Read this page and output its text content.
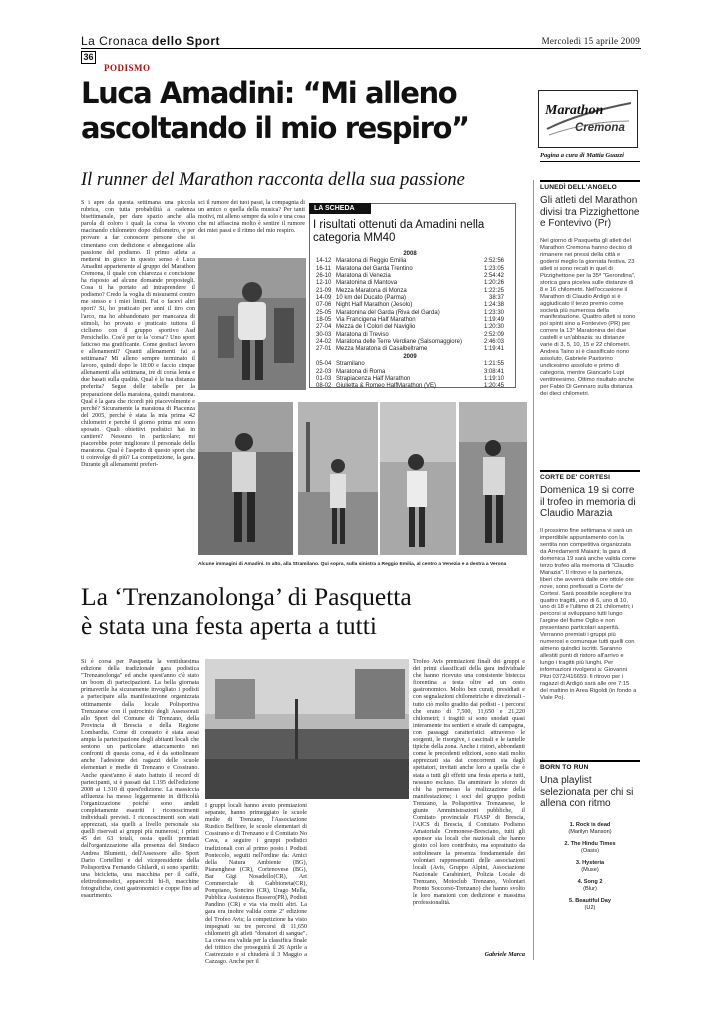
La Cronaca dello Sport	Mercoledì 15 aprile 2009
36
PODISMO
Luca Amadini: “Mi alleno ascoltando il mio respiro”
Il runner del Marathon racconta della sua passione
Marathon
Cremona
Pagina a cura di Mattia Guazzi
S i apre da questa settimana una piccola rubrica, con tutta probabilità a cadenza bisettimanale, per dare spazio anche alla parola di coloro i quali la corsa la vivono macinando chilometro dopo chilometro, e per provare a far conoscere persone che si cimentano con dedizione e abnegazione alla passione del podismo. Il primo atleta a mettersi in gioco in questo senso è Luca Amadini appartenente al gruppo del Marathon Cremona, il quale con chiarezza e concisione ha risposto ad alcune domande propostegli. Cosa ti ha portato ad intraprendere il podismo? Credo la voglia di misurarmi contro me stesso e i miei limiti. Fai o facevi altri sport? Si, ho praticato per anni il tiro con l'arco, ma ho abbandonato per mancanza di stimoli, ho provato e praticato tuttora il ciclismo con il gruppo sportivo Asd Persichello. Cos'è per te la 'corsa'? Uno sport faticoso ma gratificante. Come gestisci lavoro e allenamenti? Quanti allenamenti fai a settimana? Mi alleno sempre terminato il lavoro, quindi dopo le 18:00 e faccio cinque allenamenti alla settimana, tre di corsa lenta e due basati sulla qualità. Qual è la tua distanza preferita? Segue delle tabelle per la preparazione della maratona, quindi maratona. Qual è la gara che ricordi più piacevolmente e perché? Sicuramente la maratona di Piacenza del 2005, perché è stata la mia prima 42 chilometri e perché il giorno prima mi sono sposato. Quali obiettivi podistici hai in cantiere? Nessuno in particolare; mi piacerebbe poter migliorare il personale della maratona. Qual è l'aspetto di questo sport che ti coinvolge di più? La competizione, la gara. Durante gli allenamenti preferi-
sci il rumore dei tuoi passi, la compagnia di un amico o quella della musica? Per tanti motivi, mi alleno sempre da solo e una cosa che mi affascina molto è sentire il rumore dei miei passi e il ritmo del mio respiro.
LA SCHEDA
I risultati ottenuti da Amadini nella categoria MM40
2008
14-12 Maratona di Reggio Emilia	2:52:56
16-11 Maratona del Garda Trentino	1:23:05
26-10 Maratona di Venezia	2:54:42
12-10 Maratonina di Mantova	1:20:26
21-09 Mezza Maratona di Monza	1:22:25
14-09 10 km del Ducato (Parma)	38:37
07-06 Night Half Marathon (Jesolo)	1:24:38
25-05 Maratonina del Garda (Riva del Garda)	1:23:30
18-05 Via Francigena Half Marathon	1:19:49
27-04 Mezza de I Colori del Naviglio	1:20:30
30-03 Maratona di Treviso	2:52:09
24-02 Maratona delle Terre Verdiane (Salsomaggiore)	2:46:03
27-01 Mezza Maratona di Casalbeltrame	1:19:41
2009
05-04 Stramilano	1:21:55
22-03 Maratona di Roma	3:08:41
01-03 Strapiacenza Half Marathon	1:19:10
08-02 Giulietta & Romeo HalfMarathon (VE)	1:20:45
Alcune immagini di Amadini. In alto, alla Stramilano. Qui sopra, sulla sinistra a Reggio Emilia, al centro a Venezia e a destra a Verona
La ‘Trenzanolonga’ di Pasquetta
è stata una festa aperta a tutti
Si è corsa per Pasquetta la ventiduesima edizione della tradizionale gara podistica "Trenzanolonga" ed anche quest'anno c'è stato un boom di partecipazioni. La bella giornata primaverile ha sicuramente invogliato i podisti a partecipare alla manifestazione organizzata ottimamente dalla locale Polisportiva Trenzanese con il patrocinio degli Assessorati allo Sport del Comune di Trenzano, della Provincia di Brescia e della Regione Lombardia. Come di consueto è stata assai ampia la partecipazione degli abitanti locali che sentono un particolare attaccamento nei confronti di questa corsa, ed è da sottolineare anche l'adesione dei ragazzi delle scuole elementari e medie di Trenzano e Cossirano. Anche quest'anno è stato battuto il record di partecipanti, si è passati dai 1.195 dell'edizione 2008 ai 1.310 di quest'edizione. La massiccia affluenza ha messo leggermente in difficoltà l'organizzazione poiché sono andati completamente esauriti i riconoscimenti individuali previsti. I riconoscimenti son stati apprezzati, sia quelli a livello personale sia quelli riservati ai gruppi più numerosi; i primi 45 dei 63 totali, ossia quelli premiati dall'organizzazione alla presenza del Sindaco Andrea Blumetti, dell'Assessore allo Sport Dario Cortellini e del vicepresidente della Polisportiva Fernando Ghilardi, si sono spartiti: una bicicletta, una macchina per il caffè, elettrodomestici, apparecchi hi-fi, macchine fotografiche, cesti gastronomici e coppe fino ad esaurimento.
I gruppi locali hanno avuto premiazioni separate, hanno primeggiato le scuole medie di Trenzano, l'Associazione Rustico Belfiore, le scuole elementari di Cossirano e di Trenzano e il Comitato No Cava, a seguire i gruppi podistici tradizionali con al primo posto i Podisti Pontecolo, seguiti nell'ordine da: Amici della Natura Ambiente (BG), Pianenghese (CR), Cortenovese (BG), Bar Gigi Nosadello(CR), Art Commerciale di Gabbioneta(CR), Pompiano, Soncino (CR), Urago Mella, Pubblica Assistenza Bussero(PR), Podisti Pandino (CR) e via via molti altri. La gara era inoltre valida come 2ª edizione del Trofeo Avis; la competizione ha visto impegnati su tre percorsi di 11,650 chilometri gli atleti "donatori di sangue". La corsa era valida per la classifica finale del trittico che proseguirà il 26 Aprile a Castrezzato e si chiuderà il 3 Maggio a Cazzago. Anche per il
Trofeo Avis premiazioni finali dei gruppi e dei primi classificati della gara individuale che hanno ricevuto una consistente bistecca fiorentina a testa oltre ad un cesto gastronomico. Molto ben curati, presidiati e con segnalazioni chilometriche e direzionali - tutto ciò molto gradito dai podisti - i percorsi che erano di 7,500, 11,650 e 21,220 chilometri; i tragitti si sono snodati quasi interamente tra sentieri e strade di campagna, con passaggi caratteristici attraverso le sorgenti, le risorgive, i cascinali e le tantelle tipiche della zona. Anche i ristori, abbondanti come le precedenti edizioni, sono stati molto apprezzati sia dai concorrenti sia dagli spettatori, invitati anche loro a quella che è stata a tutti gli effetti una festa aperta a tutti, nessuno escluso. Da ammirare lo sforzo di chi ha permesso la realizzazione della manifestazione; i soci del gruppo podisti Trenzano, la Polisportiva Trenzanese, le giunte Amministrazioni pubbliche, il Comitato provinciale FIASP di Brescia, l'AICS di Brescia, il Comitato Podismo Amatoriale Cremonese-Bresciano, tutti gli sponsor sia locali che nazionali che hanno gioito col loro contributo, ma soprattutto da sottolineare la presenza fondamentale dei volontari rappresentanti delle associazioni locali (Avis, Gruppo Alpini, Associazione Nazionale Carabinieri, Polizia Locale di Trenzano, Motoclub Trenzano, Volontari Pronto Soccorso-Trenzano) che hanno svolto le loro mansioni con dedizione e massima professionalità.
Gabriele Marca
LUNEDÌ DELL'ANGELO
Gli atleti del Marathon divisi tra Pizzighettone e Fontevivo (Pr)
Nel giorno di Pasquetta gli atleti del Marathon Cremona hanno deciso di rimanere nei pressi della città e godersi meglio la giornata festiva. 23 atleti si sono recati in quel di Pizzighettone per la 35ª "Gerondina", storica gara picelea sulle distanze di 8 e 16 chilometri. Nell'occasione il Marathon di Claudio Ardigò si è aggiudicato il terzo premio come società più numerosa della manifestazione. Quattro atleti si sono poi spinti sino a Fontevivo (PR) per correre la 13° Maratonina dei due castelli e un'abbazia: su distanze varie di 3, 5, 10, 15 e 22 chilometri. Andrea Taino si è classificato nono assoluto, Gabriele Pastorino undicesimo assoluto e primo di categoria, mentre Giancarlo Lupi ventitreesimo. Ottimo risultato anche per Fabio Di Gennaro sulla distanza dei dieci chilometri.
CORTE DE' CORTESI
Domenica 19 si corre il trofeo in memoria di Claudio Marazia
Il prossimo fine settimana vi sarà un imperdibile appuntamento con la sentita non competitiva organizzata da Arredamenti Maiaini; la gara di domenica 19 sarà anche valida come terzo trofeo alla memoria di "Claudio Marazia". Il ritrovo e la partenza, liberi che avverrà dalle ore ottole ore nove, sono prefissati a Corte de' Cortesi. Sarà possibile scegliere tra quattro tragitti, uno di 6, uno di 10, uno di 18 e l'ultimo di 21 chilometri; i percorsi si sviluppano tutti lungo l'argine del fiume Oglio e non presentano particolari asperità. Verranno premiati i gruppi più numerosi e comunque tutti quelli con almeno quindici iscritti. Saranno allestiti punti di ristoro all'arrivo e lungo i tragitti più lunghi. Per informazioni rivolgersi a: Giovanni Pitzi 0372/416659. Il ritrovo per i ragazzi di Ardigò sarà alle ore 7:15 del mattino in Area Rigoldi (in fondo a Viale Po).
BORN TO RUN
Una playlist selezionata per chi si allena con ritmo
1. Rock is dead
(Marilyn Manson)
2. The Hindu Times
(Oasis)
3. Hysteria
(Muse)
4. Song 2
(Blur)
5. Beautiful Day
(U2)
